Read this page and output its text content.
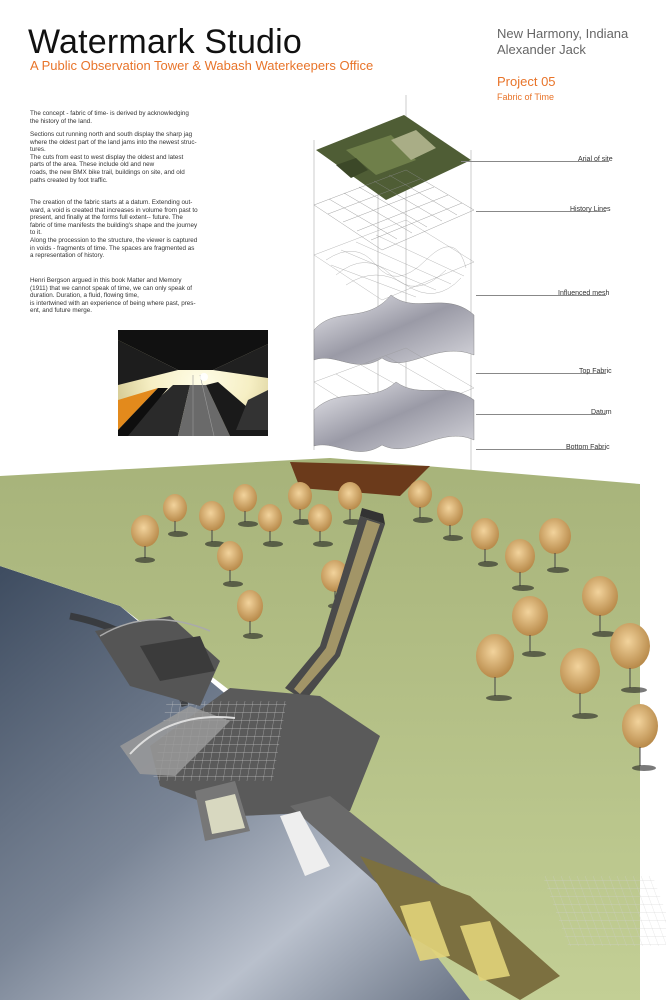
Watermark Studio
A Public Observation Tower & Wabash Waterkeepers Office
New Harmony, Indiana
Alexander Jack
Project 05
Fabric of Time
The concept - fabric of time- is derived by acknowledging
the history of the land.
Sections cut running north and south display the sharp jag
where the oldest part of the land jams into the newest struc-
tures.
The cuts from east to west display the oldest and latest
parts of the area. These include old and new
roads, the new BMX bike trail, buildings on site, and old
paths created by foot traffic.
The creation of the fabric starts at a datum. Extending out-
ward, a void is created that increases in volume from past to
present, and finally at the forms full extent-- future. The
fabric of time manifests the building's shape and the journey
to it.
Along the procession to the structure, the viewer is captured
in voids - fragments of time. The spaces are fragmented as
a representation of history.
Henri Bergson argued in this book Matter and Memory
(1911) that we cannot speak of time, we can only speak of
duration. Duration, a fluid, flowing time,
is intertwined with an experience of being where past, pres-
ent, and future merge.
Arial of site
History Lines
Influenced mesh
Top Fabric
Datum
Bottom Fabric
